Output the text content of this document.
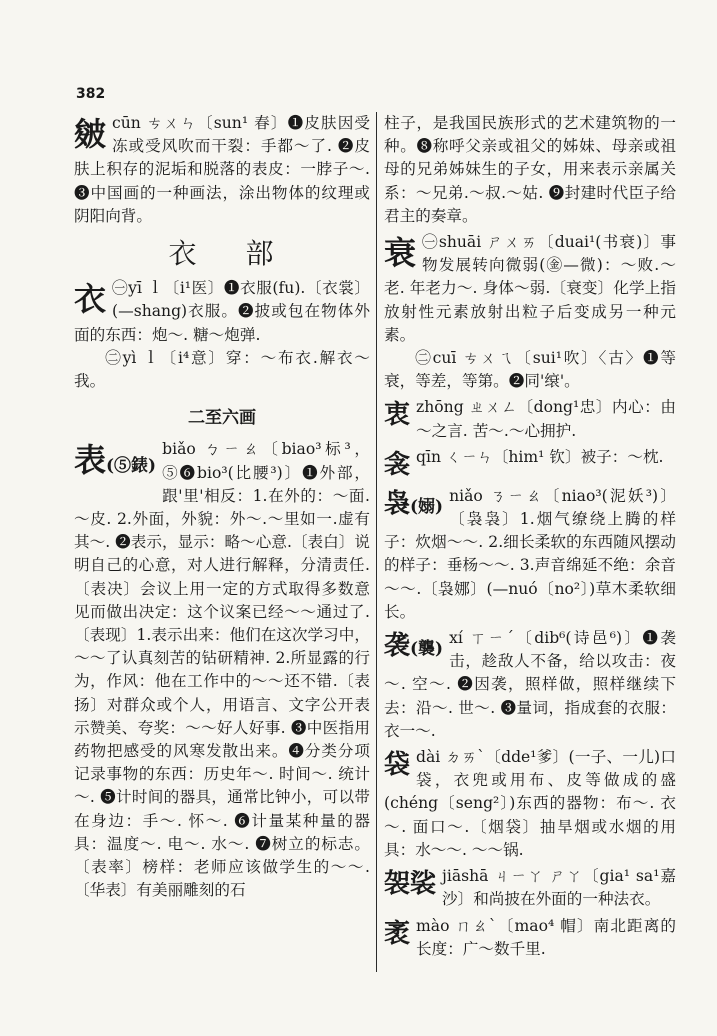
382
皴 cūn ㄘㄨㄣ〔sun¹ 春〕❶皮肤因受冻或受风吹而干裂：手都～了. ❷皮肤上积存的泥垢和脱落的表皮：一脖子～. ❸中国画的一种画法，涂出物体的纹理或阴阳向背。

衣 部
衣 ㊀yī ｌ〔i¹医〕❶衣服(fu).〔衣裳〕(—shang)衣服。❷披或包在物体外面的东西：炮～. 糖～炮弹.

㊁yì ｌ〔i⁴意〕穿：～布衣.解衣～我。

二至六画
表(⑤錶)

biǎo ㄅㄧㄠ〔biao³标³，⑤❻bio³(比腰³)〕❶外部，跟'里'相反：1.在外的：～面.～皮. 2.外面，外貌：外～.～里如一.虚有其～. ❷表示，显示：略～心意.〔表白〕说明自己的心意，对人进行解释，分清责任.〔表决〕会议上用一定的方式取得多数意见而做出决定：这个议案已经～～通过了.〔表现〕1.表示出来：他们在这次学习中，～～了认真刻苦的钻研精神. 2.所显露的行为，作风：他在工作中的～～还不错.〔表扬〕对群众或个人，用语言、文字公开表示赞美、夸奖：～～好人好事. ❸中医指用药物把感受的风寒发散出来。❹分类分项记录事物的东西：历史年～. 时间～. 统计～. ❺计时间的器具，通常比钟小，可以带在身边：手～. 怀～. ❻计量某种量的器具：温度～. 电～. 水～. ❼树立的标志。〔表率〕榜样：老师应该做学生的～～.〔华表〕有美丽雕刻的石

柱子，是我国民族形式的艺术建筑物的一种。❽称呼父亲或祖父的姊妹、母亲或祖母的兄弟姊妹生的子女，用来表示亲属关系：～兄弟.～叔.～姑. ❾封建时代臣子给君主的奏章。

衰 ㊀shuāi ㄕㄨㄞ〔duai¹(书衰)〕事物发展转向微弱(㊎—微)：～败.～老. 年老力～. 身体～弱.〔衰变〕化学上指放射性元素放射出粒子后变成另一种元素。

㊁cuī ㄘㄨㄟ〔sui¹吹〕〈古〉❶等衰，等差，等第。❷同'缞'。

衷 zhōng ㄓㄨㄥ〔dong¹忠〕内心：由～之言. 苦～.～心拥护.

衾 qīn ㄑㄧㄣ〔him¹ 钦〕被子：～枕.

袅(嫋)

niǎo ㄋㄧㄠ〔niao³(泥妖³)〕〔袅袅〕1.烟气缭绕上腾的样子：炊烟～～. 2.细长柔软的东西随风摆动的样子：垂杨～～. 3.声音绵延不绝：余音～～.〔袅娜〕(—nuó〔no²〕)草木柔软细长。

袭(襲)

xí ㄒㄧˊ〔dib⁶(诗邑⁶)〕❶袭击，趁敌人不备，给以攻击：夜～. 空～. ❷因袭，照样做，照样继续下去：沿～. 世～. ❸量词，指成套的衣服：衣一～.

袋 dài ㄉㄞˋ〔dde¹爹〕(一子、一儿)口袋，衣兜或用布、皮等做成的盛(chéng〔seng²〕)东西的器物：布～. 衣～. 面口～.〔烟袋〕抽旱烟或水烟的用具：水～～. ～～锅.

袈裟 jiāshā ㄐㄧㄚ ㄕㄚ〔gia¹ sa¹嘉沙〕和尚披在外面的一种法衣。

袤 mào ㄇㄠˋ〔mao⁴ 帽〕南北距离的长度：广～数千里.
